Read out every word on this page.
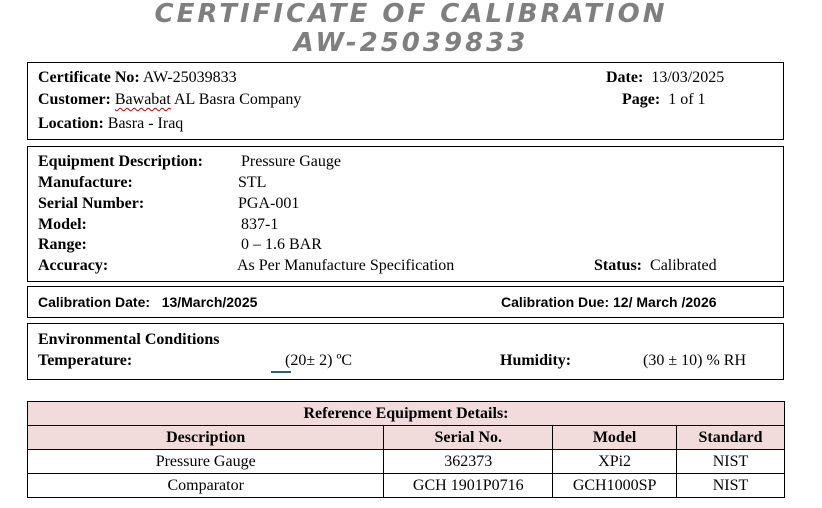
CERTIFICATE OF CALIBRATION
AW-25039833
Certificate No: AW-25039833
Customer: Bawabat AL Basra Company
Location: Basra - Iraq
Date: 13/03/2025
Page: 1 of 1
Equipment Description: Pressure Gauge
Manufacture:	STL
Serial Number:	PGA-001
Model:	837-1
Range:	0 – 1.6 BAR
Accuracy:	As Per Manufacture Specification	Status: Calibrated
Calibration Date: 13/March/2025	Calibration Due: 12/ March /2026
Environmental Conditions
Temperature:	(20± 2) ºC	Humidity:	(30 ± 10) % RH
Reference Equipment Details:			
Description	Serial No.	Model	Standard
Pressure Gauge	362373	XPi2	NIST
Comparator	GCH 1901P0716	GCH1000SP	NIST
